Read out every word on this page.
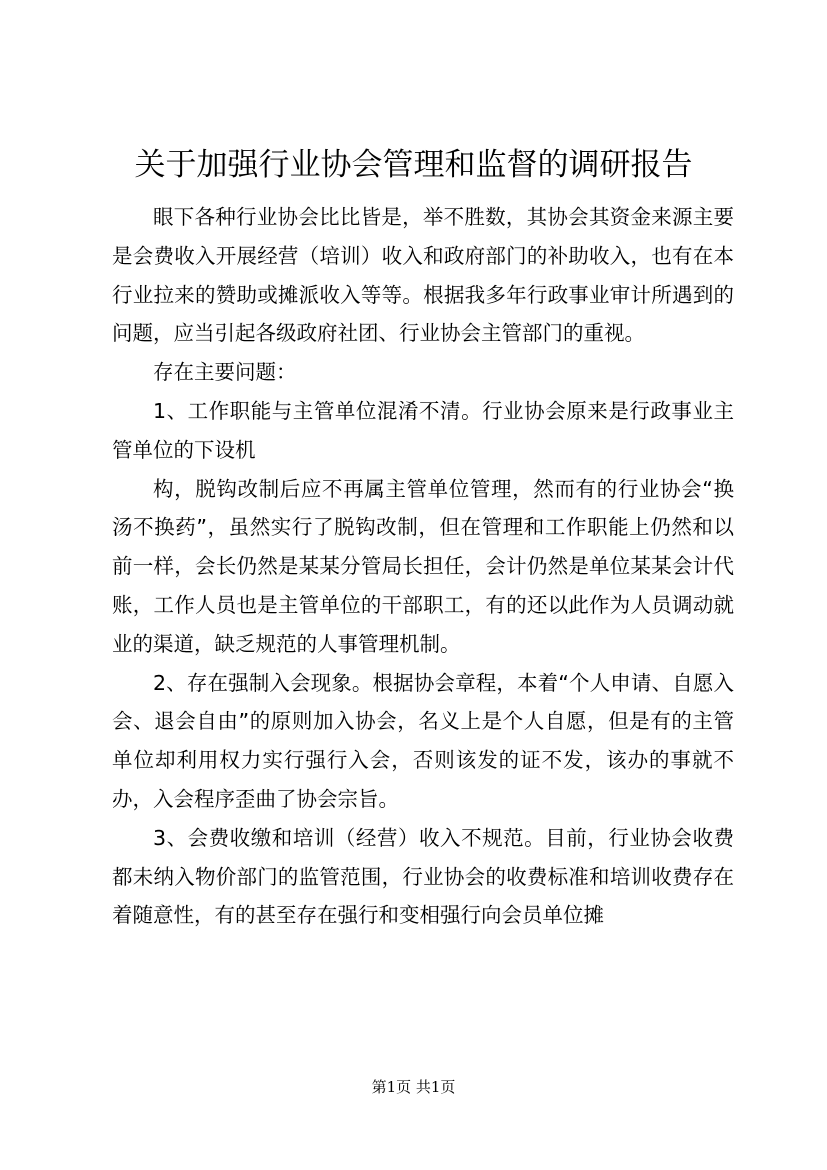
关于加强行业协会管理和监督的调研报告

眼下各种行业协会比比皆是，举不胜数，其协会其资金来源主要是会费收入开展经营（培训）收入和政府部门的补助收入，也有在本行业拉来的赞助或摊派收入等等。根据我多年行政事业审计所遇到的问题，应当引起各级政府社团、行业协会主管部门的重视。

存在主要问题：

1、工作职能与主管单位混淆不清。行业协会原来是行政事业主管单位的下设机

构，脱钩改制后应不再属主管单位管理，然而有的行业协会“换汤不换药”，虽然实行了脱钩改制，但在管理和工作职能上仍然和以前一样，会长仍然是某某分管局长担任，会计仍然是单位某某会计代账，工作人员也是主管单位的干部职工，有的还以此作为人员调动就业的渠道，缺乏规范的人事管理机制。

2、存在强制入会现象。根据协会章程，本着“个人申请、自愿入会、退会自由”的原则加入协会，名义上是个人自愿，但是有的主管单位却利用权力实行强行入会，否则该发的证不发，该办的事就不办，入会程序歪曲了协会宗旨。

3、会费收缴和培训（经营）收入不规范。目前，行业协会收费都未纳入物价部门的监管范围，行业协会的收费标准和培训收费存在着随意性，有的甚至存在强行和变相强行向会员单位摊

第1页 共1页
